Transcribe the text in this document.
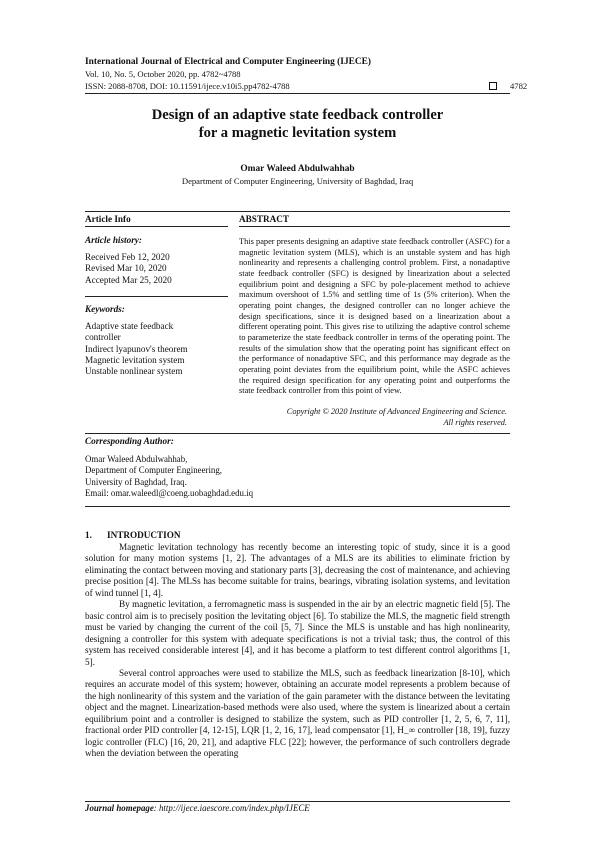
International Journal of Electrical and Computer Engineering (IJECE)
Vol. 10, No. 5, October 2020, pp. 4782~4788
ISSN: 2088-8708, DOI: 10.11591/ijece.v10i5.pp4782-4788	4782
Design of an adaptive state feedback controller
for a magnetic levitation system
Omar Waleed Abdulwahhab
Department of Computer Engineering, University of Baghdad, Iraq
Article Info	ABSTRACT
Article history:
Received Feb 12, 2020
Revised Mar 10, 2020
Accepted Mar 25, 2020
Keywords:
Adaptive state feedback
controller
Indirect lyapunov's theorem
Magnetic levitation system
Unstable nonlinear system
This paper presents designing an adaptive state feedback controller (ASFC) for a magnetic levitation system (MLS), which is an unstable system and has high nonlinearity and represents a challenging control problem. First, a nonadaptive state feedback controller (SFC) is designed by linearization about a selected equilibrium point and designing a SFC by pole-placement method to achieve maximum overshoot of 1.5% and settling time of 1s (5% criterion). When the operating point changes, the designed controller can no longer achieve the design specifications, since it is designed based on a linearization about a different operating point. This gives rise to utilizing the adaptive control scheme to parameterize the state feedback controller in terms of the operating point. The results of the simulation show that the operating point has significant effect on the performance of nonadaptive SFC, and this performance may degrade as the operating point deviates from the equilibrium point, while the ASFC achieves the required design specification for any operating point and outperforms the state feedback controller from this point of view.
Copyright © 2020 Institute of Advanced Engineering and Science.
All rights reserved.
Corresponding Author:
Omar Waleed Abdulwahhab,
Department of Computer Engineering,
University of Baghdad, Iraq.
Email: omar.waleedl@coeng.uobaghdad.edu.iq
1. INTRODUCTION

Magnetic levitation technology has recently become an interesting topic of study, since it is a good solution for many motion systems [1, 2]. The advantages of a MLS are its abilities to eliminate friction by eliminating the contact between moving and stationary parts [3], decreasing the cost of maintenance, and achieving precise position [4]. The MLSs has become suitable for trains, bearings, vibrating isolation systems, and levitation of wind tunnel [1, 4].

By magnetic levitation, a ferromagnetic mass is suspended in the air by an electric magnetic field [5]. The basic control aim is to precisely position the levitating object [6]. To stabilize the MLS, the magnetic field strength must be varied by changing the current of the coil [5, 7]. Since the MLS is unstable and has high nonlinearity, designing a controller for this system with adequate specifications is not a trivial task; thus, the control of this system has received considerable interest [4], and it has become a platform to test different control algorithms [1, 5].

Several control approaches were used to stabilize the MLS, such as feedback linearization [8-10], which requires an accurate model of this system; however, obtaining an accurate model represents a problem because of the high nonlinearity of this system and the variation of the gain parameter with the distance between the levitating object and the magnet. Linearization-based methods were also used, where the system is linearized about a certain equilibrium point and a controller is designed to stabilize the system, such as PID controller [1, 2, 5, 6, 7, 11], fractional order PID controller [4, 12-15], LQR [1, 2, 16, 17], lead compensator [1], H_∞ controller [18, 19], fuzzy logic controller (FLC) [16, 20, 21], and adaptive FLC [22]; however, the performance of such controllers degrade when the deviation between the operating

Journal homepage: http://ijece.iaescore.com/index.php/IJECE
